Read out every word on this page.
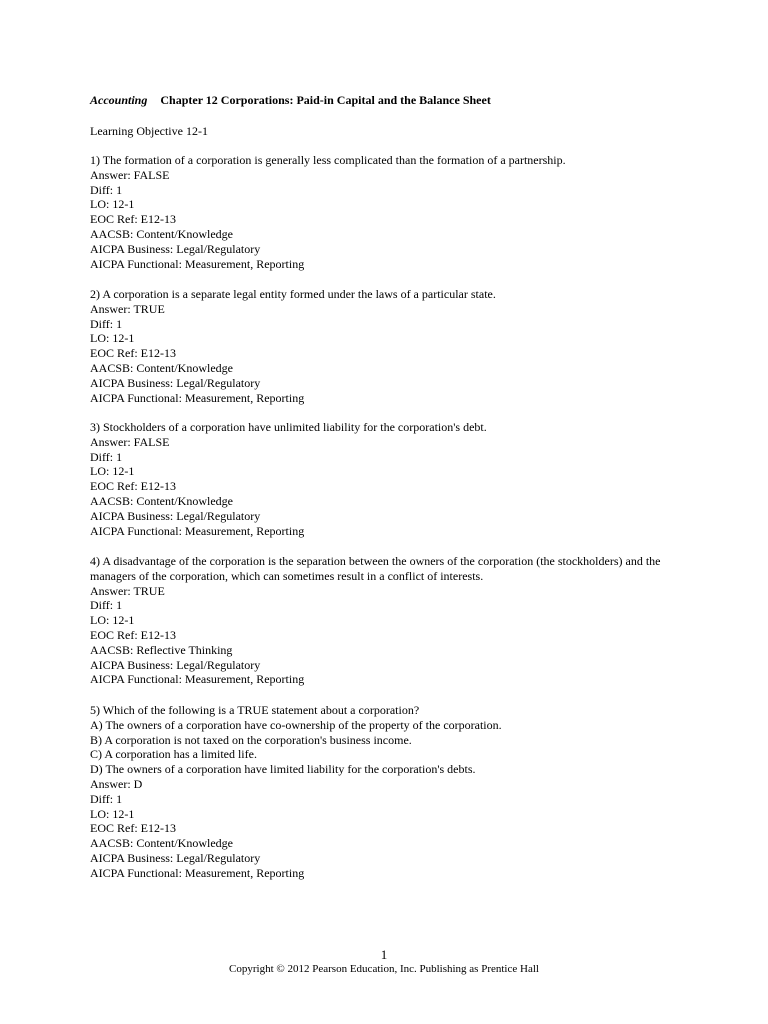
Accounting Chapter 12 Corporations: Paid-in Capital and the Balance Sheet
Learning Objective 12-1
1) The formation of a corporation is generally less complicated than the formation of a partnership.
Answer: FALSE
Diff: 1
LO: 12-1
EOC Ref: E12-13
AACSB: Content/Knowledge
AICPA Business: Legal/Regulatory
AICPA Functional: Measurement, Reporting
2) A corporation is a separate legal entity formed under the laws of a particular state.
Answer: TRUE
Diff: 1
LO: 12-1
EOC Ref: E12-13
AACSB: Content/Knowledge
AICPA Business: Legal/Regulatory
AICPA Functional: Measurement, Reporting
3) Stockholders of a corporation have unlimited liability for the corporation's debt.
Answer: FALSE
Diff: 1
LO: 12-1
EOC Ref: E12-13
AACSB: Content/Knowledge
AICPA Business: Legal/Regulatory
AICPA Functional: Measurement, Reporting
4) A disadvantage of the corporation is the separation between the owners of the corporation (the stockholders) and the managers of the corporation, which can sometimes result in a conflict of interests.
Answer: TRUE
Diff: 1
LO: 12-1
EOC Ref: E12-13
AACSB: Reflective Thinking
AICPA Business: Legal/Regulatory
AICPA Functional: Measurement, Reporting
5) Which of the following is a TRUE statement about a corporation?
A) The owners of a corporation have co-ownership of the property of the corporation.
B) A corporation is not taxed on the corporation's business income.
C) A corporation has a limited life.
D) The owners of a corporation have limited liability for the corporation's debts.
Answer: D
Diff: 1
LO: 12-1
EOC Ref: E12-13
AACSB: Content/Knowledge
AICPA Business: Legal/Regulatory
AICPA Functional: Measurement, Reporting
1
Copyright © 2012 Pearson Education, Inc. Publishing as Prentice Hall
